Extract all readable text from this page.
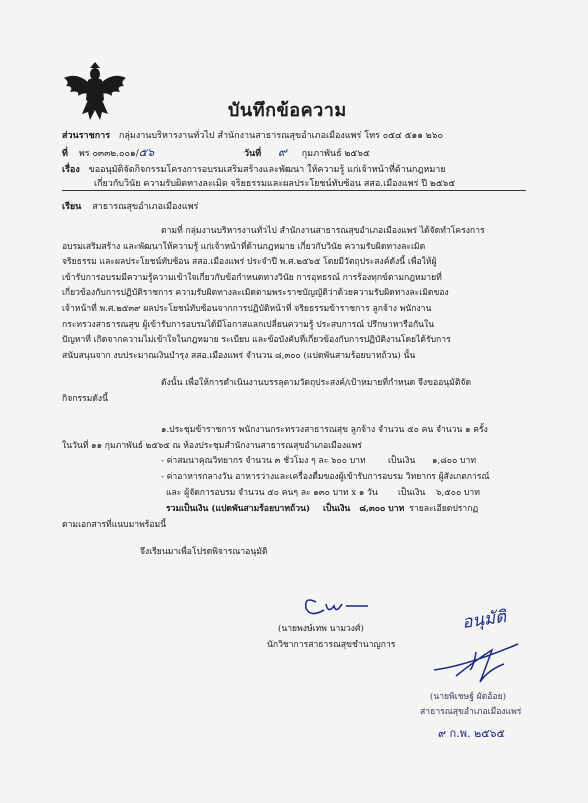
บันทึกข้อความ
ส่วนราชการ กลุ่มงานบริหารงานทั่วไป สำนักงานสาธารณสุขอำเภอเมืองแพร่ โทร ๐๕๔ ๕๑๑ ๒๖๐
ที่ พร ๐๓๓๒.๐๐๑/๕๖	วันที่ ๙ กุมภาพันธ์ ๒๕๖๕
เรื่อง ขออนุมัติจัดกิจกรรมโครงการอบรมเสริมสร้างและพัฒนา ให้ความรู้ แก่เจ้าหน้าที่ด้านกฎหมาย
เกี่ยวกับวินัย ความรับผิดทางละเมิด จริยธรรมและผลประโยชน์ทับซ้อน สสอ.เมืองแพร่ ปี ๒๕๖๕
เรียน สาธารณสุขอำเภอเมืองแพร่
ตามที่ กลุ่มงานบริหารงานทั่วไป สำนักงานสาธารณสุขอำเภอเมืองแพร่ ได้จัดทำโครงการ
อบรมเสริมสร้าง และพัฒนาให้ความรู้ แก่เจ้าหน้าที่ด้านกฎหมาย เกี่ยวกับวินัย ความรับผิดทางละเมิด
จริยธรรม และผลประโยชน์ทับซ้อน สสอ.เมืองแพร่ ประจำปี พ.ศ.๒๕๖๕ โดยมีวัตถุประสงค์ดังนี้ เพื่อให้ผู้
เข้ารับการอบรมมีความรู้ความเข้าใจเกี่ยวกับข้อกำหนดทางวินัย การอุทธรณ์ การร้องทุกข์ตามกฎหมายที่
เกี่ยวข้องกับการปฏิบัติราชการ ความรับผิดทางละเมิดตามพระราชบัญญัติว่าด้วยความรับผิดทางละเมิดของ
เจ้าหน้าที่ พ.ศ.๒๕๓๙ ผลประโยชน์ทับซ้อนจากการปฏิบัติหน้าที่ จริยธรรมข้าราชการ ลูกจ้าง พนักงาน
กระทรวงสาธารณสุข ผู้เข้ารับการอบรมได้มีโอกาสแลกเปลี่ยนความรู้ ประสบการณ์ ปรึกษาหารือกันใน
ปัญหาที่ เกิดจากความไม่เข้าใจในกฎหมาย ระเบียบ และข้อบังคับที่เกี่ยวข้องกับการปฏิบัติงานโดยได้รับการ
สนับสนุนจาก งบประมาณเงินบำรุง สสอ.เมืองแพร่ จำนวน ๘,๓๐๐ (แปดพันสามร้อยบาทถ้วน) นั้น
ดังนั้น เพื่อให้การดำเนินงานบรรลุตามวัตถุประสงค์/เป้าหมายที่กำหนด จึงขออนุมัติจัด
กิจกรรมดังนี้
๑.ประชุมข้าราชการ พนักงานกระทรวงสาธารณสุข ลูกจ้าง จำนวน ๕๐ คน จำนวน ๑ ครั้ง
ในวันที่ ๑๑ กุมภาพันธ์ ๒๕๖๕ ณ ห้องประชุมสำนักงานสาธารณสุขอำเภอเมืองแพร่
- ค่าสมนาคุณวิทยากร จำนวน ๓ ชั่วโมง ๆ ละ ๖๐๐ บาท	เป็นเงิน ๑,๘๐๐ บาท
- ค่าอาหารกลางวัน อาหารว่างและเครื่องดื่มของผู้เข้ารับการอบรม วิทยากร ผู้สังเกตการณ์
และ ผู้จัดการอบรม จำนวน ๕๐ คนๆ ละ ๑๓๐ บาท x ๑ วัน เป็นเงิน ๖,๕๐๐ บาท
รวมเป็นเงิน (แปดพันสามร้อยบาทถ้วน) เป็นเงิน ๘,๓๐๐ บาท รายละเอียดปรากฏ
ตามเอกสารที่แนบมาพร้อมนี้
จึงเรียนมาเพื่อโปรดพิจารณาอนุมัติ
(นายพงษ์เทพ นามวงศ์)
นักวิชาการสาธารณสุขชำนาญการ
อนุมัติ
(นายพิเชษฐ์ ผัดอ้อย)
สาธารณสุขอำเภอเมืองแพร่
๙ ก.พ. ๒๕๖๕
